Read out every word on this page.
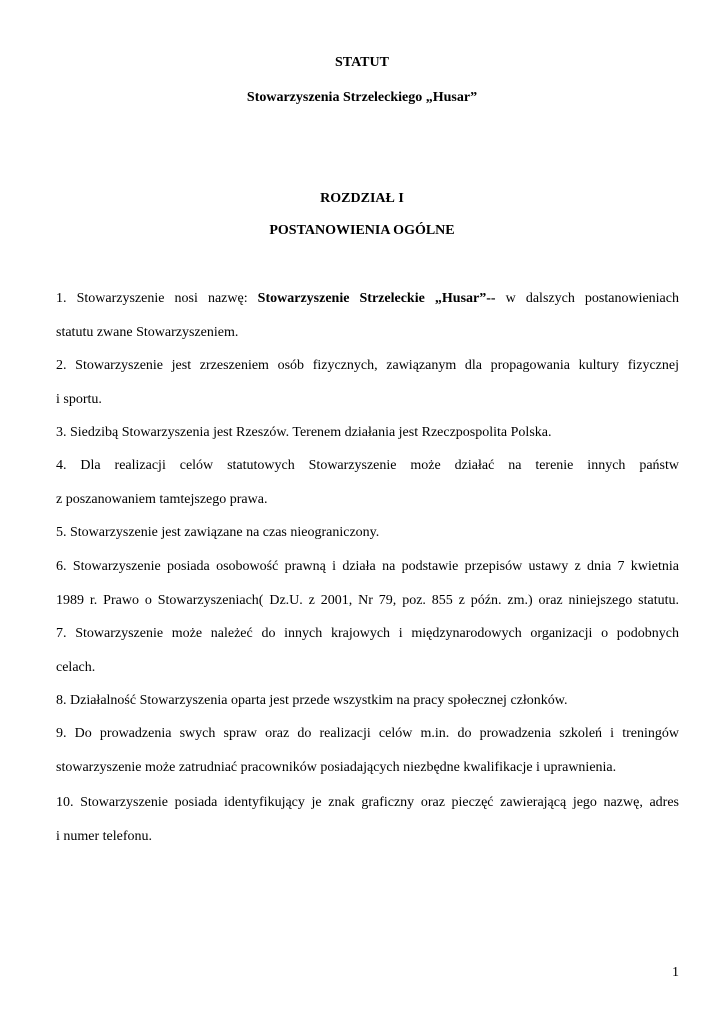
STATUT
Stowarzyszenia Strzeleckiego „Husar”
ROZDZIAŁ I
POSTANOWIENIA OGÓLNE
1. Stowarzyszenie nosi nazwę: Stowarzyszenie Strzeleckie „Husar”-- w dalszych postanowieniach
statutu zwane Stowarzyszeniem.
2. Stowarzyszenie jest zrzeszeniem osób fizycznych, zawiązanym dla propagowania kultury fizycznej
i sportu.
3. Siedzibą Stowarzyszenia jest Rzeszów. Terenem działania jest Rzeczpospolita Polska.
4. Dla realizacji celów statutowych Stowarzyszenie może działać na terenie innych państw
z poszanowaniem tamtejszego prawa.
5. Stowarzyszenie jest zawiązane na czas nieograniczony.
6. Stowarzyszenie posiada osobowość prawną i działa na podstawie przepisów ustawy z dnia 7 kwietnia
1989 r. Prawo o Stowarzyszeniach( Dz.U. z 2001, Nr 79, poz. 855 z późn. zm.) oraz niniejszego statutu.
7. Stowarzyszenie może należeć do innych krajowych i międzynarodowych organizacji o podobnych
celach.
8. Działalność Stowarzyszenia oparta jest przede wszystkim na pracy społecznej członków.
9. Do prowadzenia swych spraw oraz do realizacji celów m.in. do prowadzenia szkoleń i treningów
stowarzyszenie może zatrudniać pracowników posiadających niezbędne kwalifikacje i uprawnienia.
10. Stowarzyszenie posiada identyfikujący je znak graficzny oraz pieczęć zawierającą jego nazwę, adres
i numer telefonu.
1
